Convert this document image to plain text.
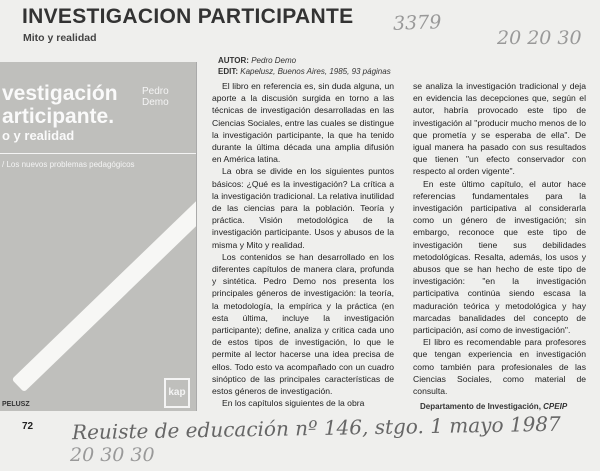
INVESTIGACION PARTICIPANTE
Mito y realidad
3379
20 20 30
vestigación
articipante.
o y realidad
Pedro Demo
/ Los nuevos problemas pedagógicos
PELUSZ
kap
72
AUTOR: Pedro Demo
EDIT: Kapelusz, Buenos Aires, 1985, 93 páginas

El libro en referencia es, sin duda alguna, un aporte a la discusión surgida en torno a las técnicas de investigación desarrolladas en las Ciencias Sociales, entre las cuales se distingue la investigación participante, la que ha tenido durante la última década una amplia difusión en América latina.

La obra se divide en los siguientes puntos básicos: ¿Qué es la investigación? La crítica a la investigación tradicional. La relativa inutilidad de las ciencias para la población. Teoría y práctica. Visión metodológica de la investigación participante. Usos y abusos de la misma y Mito y realidad.

Los contenidos se han desarrollado en los diferentes capítulos de manera clara, profunda y sintética. Pedro Demo nos presenta los principales géneros de investigación: la teoría, la metodología, la empírica y la práctica (en esta última, incluye la investigación participante); define, analiza y critica cada uno de estos tipos de investigación, lo que le permite al lector hacerse una idea precisa de ellos. Todo esto va acompañado con un cuadro sinóptico de las principales características de estos géneros de investigación.

En los capítulos siguientes de la obra

se analiza la investigación tradicional y deja en evidencia las decepciones que, según el autor, habría provocado este tipo de investigación al "producir mucho menos de lo que prometía y se esperaba de ella". De igual manera ha pasado con sus resultados que tienen "un efecto conservador con respecto al orden vigente".

En este último capítulo, el autor hace referencias fundamentales para la investigación participativa al considerarla como un género de investigación; sin embargo, reconoce que este tipo de investigación tiene sus debilidades metodológicas. Resalta, además, los usos y abusos que se han hecho de este tipo de investigación: "en la investigación participativa continúa siendo escasa la maduración teórica y metodológica y hay marcadas banalidades del concepto de participación, así como de investigación".

El libro es recomendable para profesores que tengan experiencia en investigación como también para profesionales de las Ciencias Sociales, como material de consulta.

Departamento de Investigación, CPEIP
Reuiste de educación nº 146, stgo. 1 mayo 1987
20 30 30
